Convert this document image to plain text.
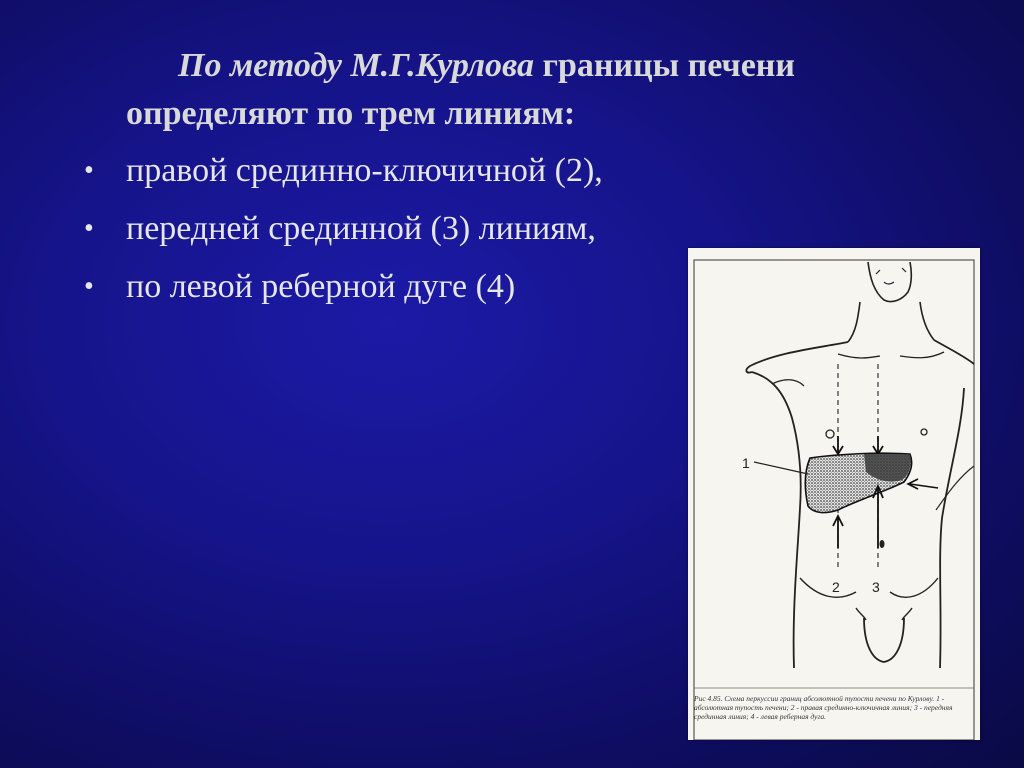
По методу М.Г.Курлова границы печени
определяют по трем линиям:
• правой срединно-ключичной (2),
• передней срединной (3) линиям,
• по левой реберной дуге (4)
1
2 3
Рис 4.85. Схема перкуссии границ абсолютной тупости печени по Курлову. 1 - абсолютная тупость печени; 2 - правая срединно-ключичная линия; 3 - передняя срединная линия; 4 - левая реберная дуга.
